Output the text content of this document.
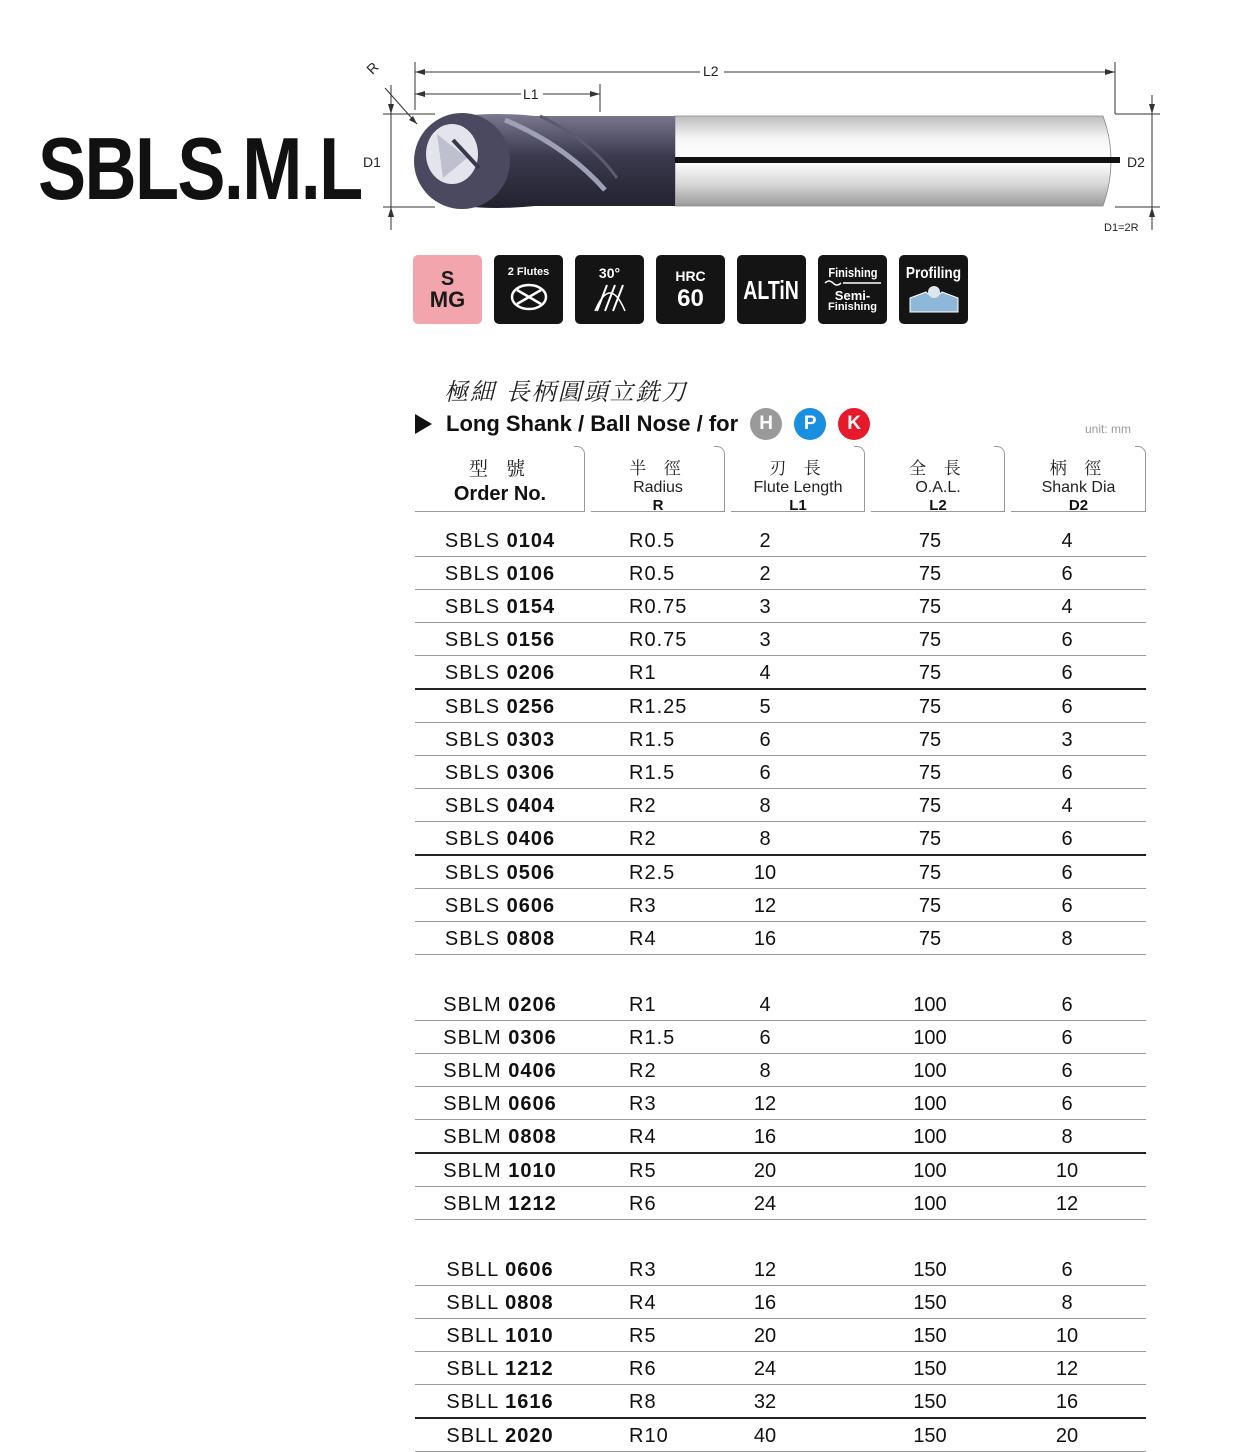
SBLS.M.L
L2
L1
R
D1	D2
D1=2R
S
MG
2 Flutes	30°	HRC
60 ALTiN
Finishing
Semi-
Finishing
Profiling
極細 長柄圓頭立銑刀
Long Shank / Ball Nose / for	H	P	K	unit: mm
型 號
Order No.
半 徑
Radius
R
刃 長
Flute Length
L1
全 長
O.A.L.
L2
柄 徑
Shank Dia
D2
SBLS 0104	R0.5	2	75	4
SBLS 0106	R0.5	2	75	6
SBLS 0154	R0.75	3	75	4
SBLS 0156	R0.75	3	75	6
SBLS 0206	R1	4	75	6
SBLS 0256	R1.25	5	75	6
SBLS 0303	R1.5	6	75	3
SBLS 0306	R1.5	6	75	6
SBLS 0404	R2	8	75	4
SBLS 0406	R2	8	75	6
SBLS 0506	R2.5	10	75	6
SBLS 0606	R3	12	75	6
SBLS 0808	R4	16	75	8
SBLM 0206	R1	4	100	6
SBLM 0306	R1.5	6	100	6
SBLM 0406	R2	8	100	6
SBLM 0606	R3	12	100	6
SBLM 0808	R4	16	100	8
SBLM 1010	R5	20	100	10
SBLM 1212	R6	24	100	12
SBLL 0606	R3	12	150	6
SBLL 0808	R4	16	150	8
SBLL 1010	R5	20	150	10
SBLL 1212	R6	24	150	12
SBLL 1616	R8	32	150	16
SBLL 2020	R10	40	150	20
